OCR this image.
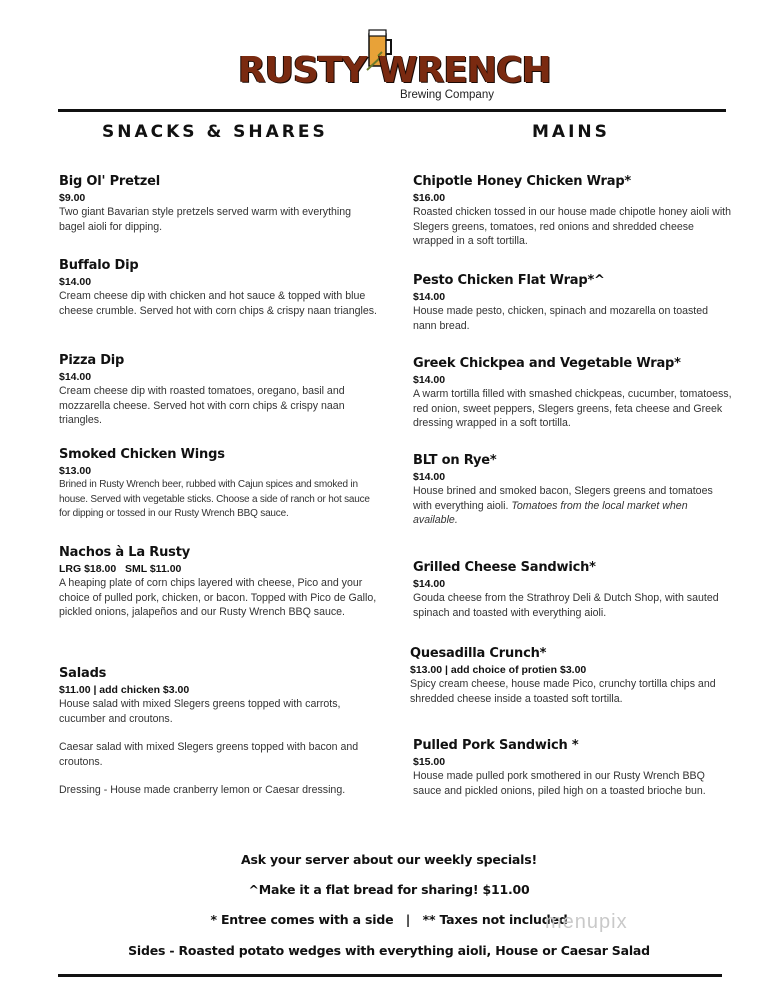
RUSTY WRENCH
Brewing Company
SNACKS & SHARES	MAINS
Big Ol' Pretzel
$9.00
Two giant Bavarian style pretzels served warm with everything bagel aioli for dipping.
Buffalo Dip
$14.00
Cream cheese dip with chicken and hot sauce & topped with blue cheese crumble. Served hot with corn chips & crispy naan triangles.
Pizza Dip
$14.00
Cream cheese dip with roasted tomatoes, oregano, basil and mozzarella cheese. Served hot with corn chips & crispy naan triangles.
Smoked Chicken Wings
$13.00
Brined in Rusty Wrench beer, rubbed with Cajun spices and smoked in house. Served with vegetable sticks. Choose a side of ranch or hot sauce for dipping or tossed in our Rusty Wrench BBQ sauce.
Nachos à La Rusty
LRG $18.00   SML $11.00
A heaping plate of corn chips layered with cheese, Pico and your choice of pulled pork, chicken, or bacon. Topped with Pico de Gallo, pickled onions, jalapeños and our Rusty Wrench BBQ sauce.
Salads
$11.00 | add chicken $3.00
House salad with mixed Slegers greens topped with carrots, cucumber and croutons.
Caesar salad with mixed Slegers greens topped with bacon and croutons.
Dressing - House made cranberry lemon or Caesar dressing.
Chipotle Honey Chicken Wrap*
$16.00
Roasted chicken tossed in our house made chipotle honey aioli with Slegers greens, tomatoes, red onions and shredded cheese wrapped in a soft tortilla.
Pesto Chicken Flat Wrap*^
$14.00
House made pesto, chicken, spinach and mozarella on toasted nann bread.
Greek Chickpea and Vegetable Wrap*
$14.00
A warm tortilla filled with smashed chickpeas, cucumber, tomatoess, red onion, sweet peppers, Slegers greens, feta cheese and Greek dressing wrapped in a soft tortilla.
BLT on Rye*
$14.00
House brined and smoked bacon, Slegers greens and tomatoes with everything aioli. Tomatoes from the local market when available.
Grilled Cheese Sandwich*
$14.00
Gouda cheese from the Strathroy Deli & Dutch Shop, with sauted spinach and toasted with everything aioli.
Quesadilla Crunch*
$13.00 | add choice of protien $3.00
Spicy cream cheese, house made Pico, crunchy tortilla chips and shredded cheese inside a toasted soft tortilla.
Pulled Pork Sandwich *
$15.00
House made pulled pork smothered in our Rusty Wrench BBQ sauce and pickled onions, piled high on a toasted brioche bun.
Ask your server about our weekly specials!
^Make it a flat bread for sharing! $11.00
* Entree comes with a side   |   ** Taxes not included
Sides - Roasted potato wedges with everything aioli, House or Caesar Salad
menupix
